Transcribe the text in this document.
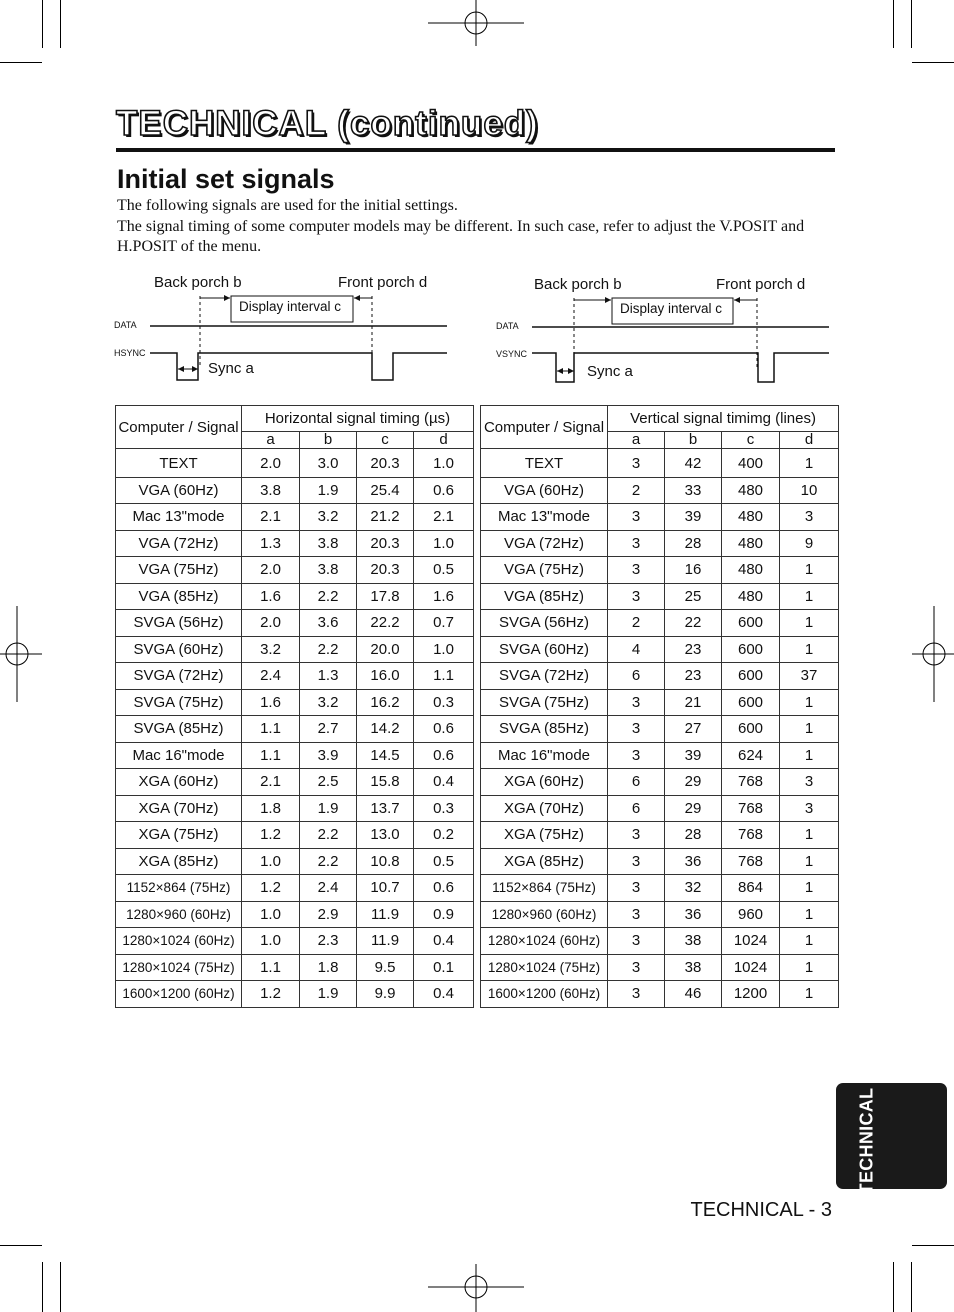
TECHNICAL (continued)
Initial set signals

The following signals are used for the initial settings.

The signal timing of some computer models may be different. In such case, refer to adjust the V.POSIT and H.POSIT of the menu.

Back porch b	Front porch d
Display interval c
DATA
HSYNC
Sync a
Back porch b	Front porch d
Display interval c
DATA
VSYNC
Sync a
Computer / Signal	Horizontal signal timing (µs)			
	a	b	c	d
TEXT	2.0	3.0	20.3	1.0
VGA (60Hz)	3.8	1.9	25.4	0.6
Mac 13"mode	2.1	3.2	21.2	2.1
VGA (72Hz)	1.3	3.8	20.3	1.0
VGA (75Hz)	2.0	3.8	20.3	0.5
VGA (85Hz)	1.6	2.2	17.8	1.6
SVGA (56Hz)	2.0	3.6	22.2	0.7
SVGA (60Hz)	3.2	2.2	20.0	1.0
SVGA (72Hz)	2.4	1.3	16.0	1.1
SVGA (75Hz)	1.6	3.2	16.2	0.3
SVGA (85Hz)	1.1	2.7	14.2	0.6
Mac 16"mode	1.1	3.9	14.5	0.6
XGA (60Hz)	2.1	2.5	15.8	0.4
XGA (70Hz)	1.8	1.9	13.7	0.3
XGA (75Hz)	1.2	2.2	13.0	0.2
XGA (85Hz)	1.0	2.2	10.8	0.5
1152×864 (75Hz)	1.2	2.4	10.7	0.6
1280×960 (60Hz)	1.0	2.9	11.9	0.9
1280×1024 (60Hz)	1.0	2.3	11.9	0.4
1280×1024 (75Hz)	1.1	1.8	9.5	0.1
1600×1200 (60Hz)	1.2	1.9	9.9	0.4
Computer / Signal	Vertical signal timimg (lines)			
	a	b	c	d
TEXT	3	42	400	1
VGA (60Hz)	2	33	480	10
Mac 13"mode	3	39	480	3
VGA (72Hz)	3	28	480	9
VGA (75Hz)	3	16	480	1
VGA (85Hz)	3	25	480	1
SVGA (56Hz)	2	22	600	1
SVGA (60Hz)	4	23	600	1
SVGA (72Hz)	6	23	600	37
SVGA (75Hz)	3	21	600	1
SVGA (85Hz)	3	27	600	1
Mac 16"mode	3	39	624	1
XGA (60Hz)	6	29	768	3
XGA (70Hz)	6	29	768	3
XGA (75Hz)	3	28	768	1
XGA (85Hz)	3	36	768	1
1152×864 (75Hz)	3	32	864	1
1280×960 (60Hz)	3	36	960	1
1280×1024 (60Hz)	3	38	1024	1
1280×1024 (75Hz)	3	38	1024	1
1600×1200 (60Hz)	3	46	1200	1
TECHNICAL
TECHNICAL - 3
